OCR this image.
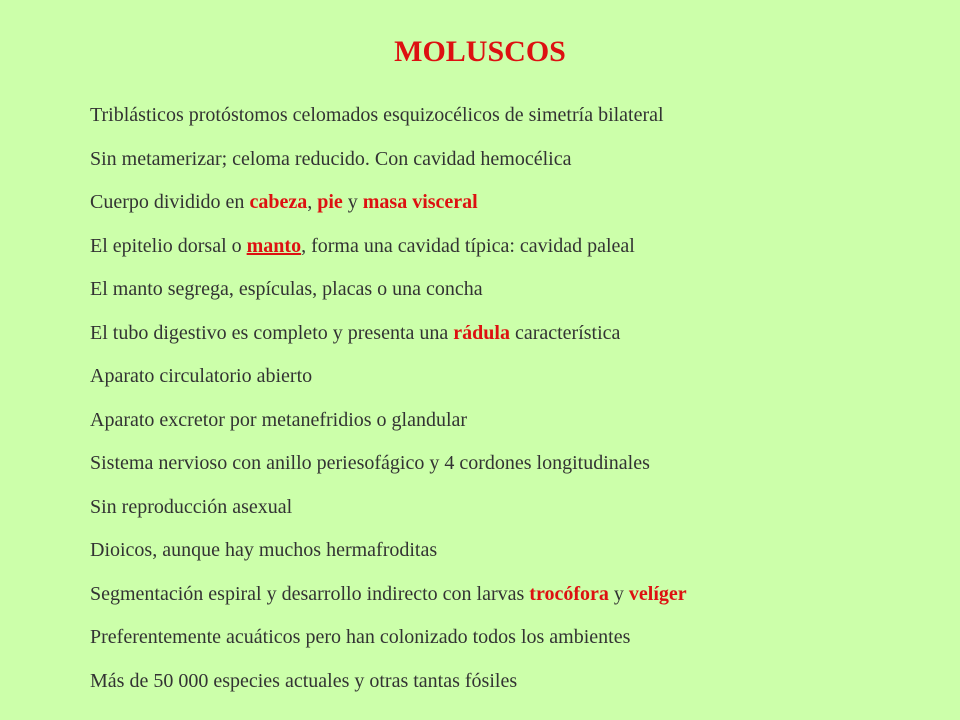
MOLUSCOS
Triblásticos protóstomos celomados esquizocélicos de simetría bilateral
Sin metamerizar; celoma reducido. Con cavidad hemocélica
Cuerpo dividido en cabeza, pie y masa visceral
El epitelio dorsal o manto, forma una cavidad típica: cavidad paleal
El manto segrega, espículas, placas o una concha
El tubo digestivo es completo y presenta una rádula característica
Aparato circulatorio abierto
Aparato excretor por metanefridios o glandular
Sistema nervioso con anillo periesofágico y 4 cordones longitudinales
Sin reproducción asexual
Dioicos, aunque hay muchos hermafroditas
Segmentación espiral y desarrollo indirecto con larvas trocófora y velíger
Preferentemente acuáticos pero han colonizado todos los ambientes
Más de 50 000 especies actuales y otras tantas fósiles
